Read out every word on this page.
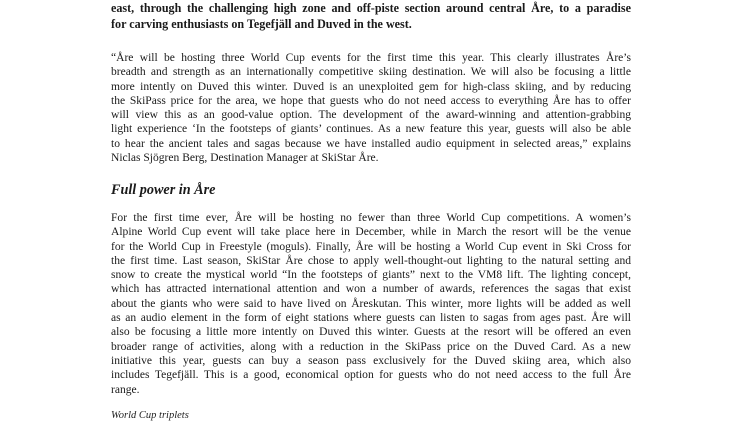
east, through the challenging high zone and off-piste section around central Åre, to a paradise
for carving enthusiasts on Tegefjäll and Duved in the west.

“Åre will be hosting three World Cup events for the first time this year. This clearly illustrates Åre’s
breadth and strength as an internationally competitive skiing destination. We will also be focusing a little
more intently on Duved this winter. Duved is an unexploited gem for high-class skiing, and by reducing
the SkiPass price for the area, we hope that guests who do not need access to everything Åre has to offer
will view this as an good-value option. The development of the award-winning and attention-grabbing
light experience ‘In the footsteps of giants’ continues. As a new feature this year, guests will also be able
to hear the ancient tales and sagas because we have installed audio equipment in selected areas,” explains
Niclas Sjögren Berg, Destination Manager at SkiStar Åre.

Full power in Åre

For the first time ever, Åre will be hosting no fewer than three World Cup competitions. A women’s
Alpine World Cup event will take place here in December, while in March the resort will be the venue
for the World Cup in Freestyle (moguls). Finally, Åre will be hosting a World Cup event in Ski Cross for
the first time. Last season, SkiStar Åre chose to apply well-thought-out lighting to the natural setting and
snow to create the mystical world “In the footsteps of giants” next to the VM8 lift. The lighting concept,
which has attracted international attention and won a number of awards, references the sagas that exist
about the giants who were said to have lived on Åreskutan. This winter, more lights will be added as well
as an audio element in the form of eight stations where guests can listen to sagas from ages past. Åre will
also be focusing a little more intently on Duved this winter. Guests at the resort will be offered an even
broader range of activities, along with a reduction in the SkiPass price on the Duved Card. As a new
initiative this year, guests can buy a season pass exclusively for the Duved skiing area, which also
includes Tegefjäll. This is a good, economical option for guests who do not need access to the full Åre
range.

World Cup triplets
